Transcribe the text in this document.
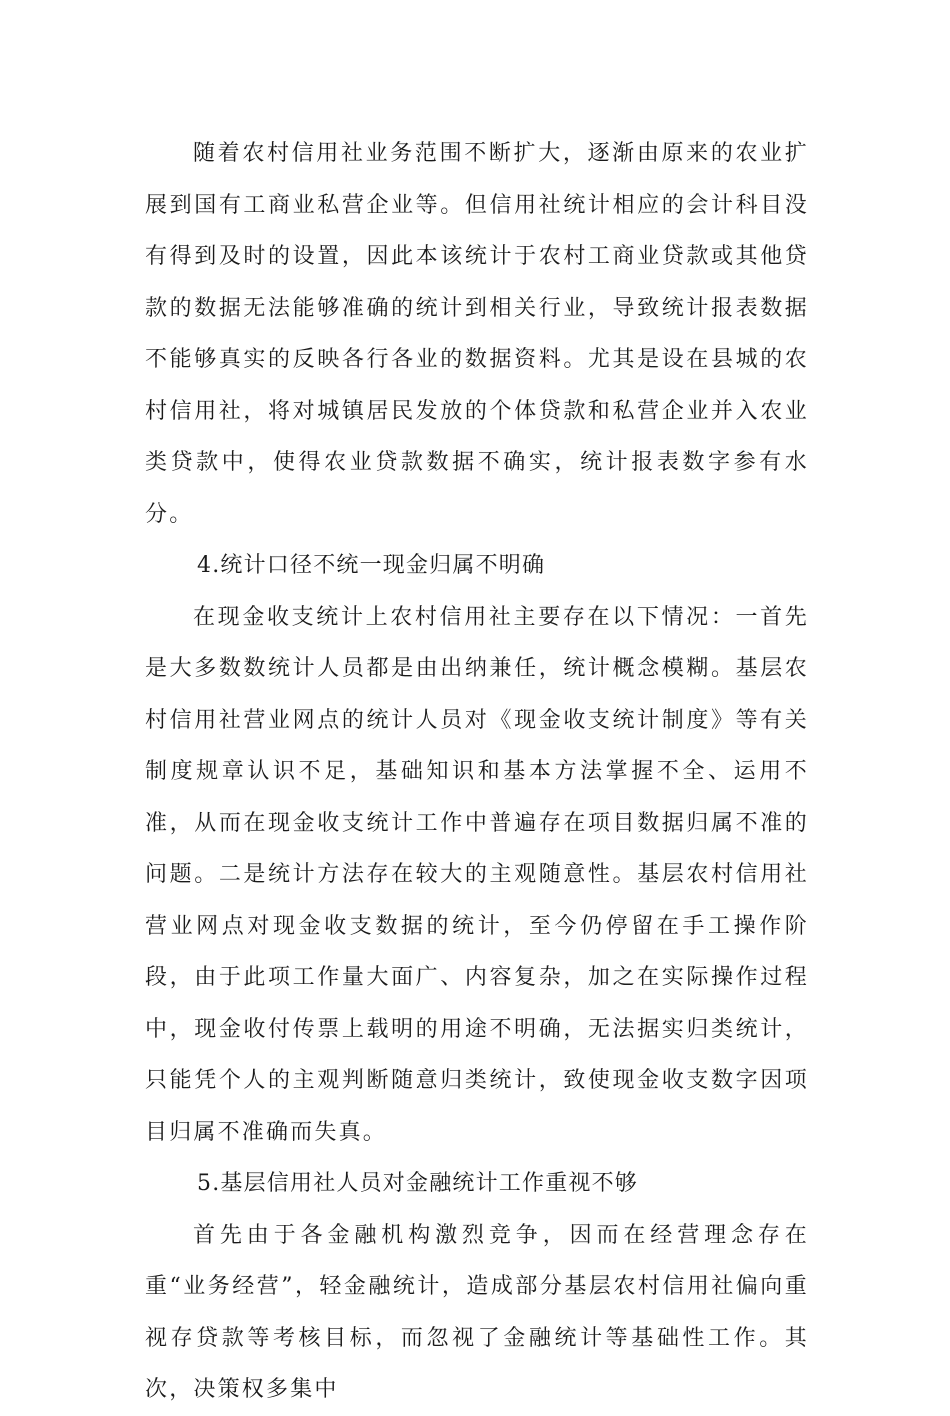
随着农村信用社业务范围不断扩大，逐渐由原来的农业扩展到国有工商业私营企业等。但信用社统计相应的会计科目没有得到及时的设置，因此本该统计于农村工商业贷款或其他贷款的数据无法能够准确的统计到相关行业，导致统计报表数据不能够真实的反映各行各业的数据资料。尤其是设在县城的农村信用社，将对城镇居民发放的个体贷款和私营企业并入农业类贷款中，使得农业贷款数据不确实，统计报表数字参有水分。

4.统计口径不统一现金归属不明确

在现金收支统计上农村信用社主要存在以下情况：一首先是大多数数统计人员都是由出纳兼任，统计概念模糊。基层农村信用社营业网点的统计人员对《现金收支统计制度》等有关制度规章认识不足，基础知识和基本方法掌握不全、运用不准，从而在现金收支统计工作中普遍存在项目数据归属不准的问题。二是统计方法存在较大的主观随意性。基层农村信用社营业网点对现金收支数据的统计，至今仍停留在手工操作阶段，由于此项工作量大面广、内容复杂，加之在实际操作过程中，现金收付传票上载明的用途不明确，无法据实归类统计，只能凭个人的主观判断随意归类统计，致使现金收支数字因项目归属不准确而失真。

5.基层信用社人员对金融统计工作重视不够

首先由于各金融机构激烈竞争，因而在经营理念存在重“业务经营”，轻金融统计，造成部分基层农村信用社偏向重视存贷款等考核目标，而忽视了金融统计等基础性工作。其次，决策权多集中
